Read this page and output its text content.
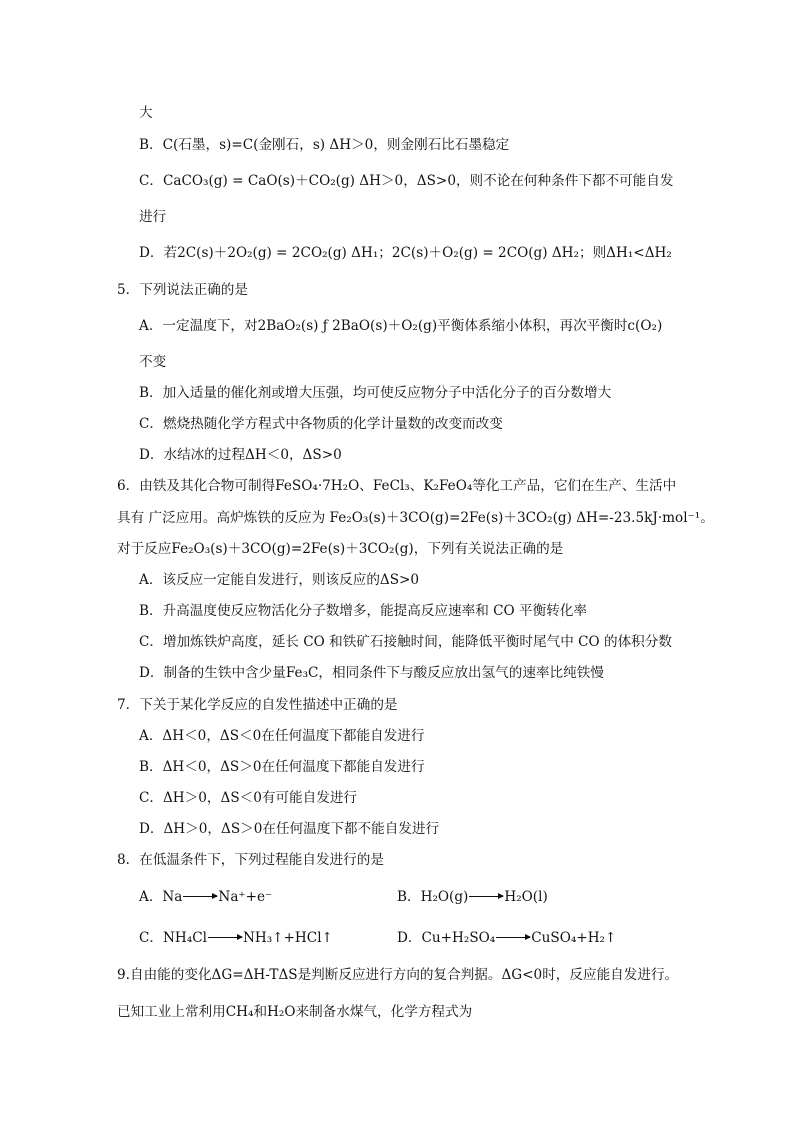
大
B．C(石墨，s)=C(金刚石，s) ΔH＞0，则金刚石比石墨稳定
C．CaCO₃(g) = CaO(s)＋CO₂(g) ΔH＞0，ΔS>0，则不论在何种条件下都不可能自发
进行
D．若2C(s)＋2O₂(g) = 2CO₂(g) ΔH₁；2C(s)＋O₂(g) = 2CO(g) ΔH₂；则ΔH₁<ΔH₂
5．下列说法正确的是
A．一定温度下，对2BaO₂(s) ƒ 2BaO(s)＋O₂(g)平衡体系缩小体积，再次平衡时c(O₂)
不变
B．加入适量的催化剂或增大压强，均可使反应物分子中活化分子的百分数增大
C．燃烧热随化学方程式中各物质的化学计量数的改变而改变
D．水结冰的过程ΔH＜0，ΔS>0
6．由铁及其化合物可制得FeSO₄·7H₂O、FeCl₃、K₂FeO₄等化工产品，它们在生产、生活中
具有 广泛应用。高炉炼铁的反应为 Fe₂O₃(s)＋3CO(g)=2Fe(s)＋3CO₂(g) ΔH=-23.5kJ·mol⁻¹。
对于反应Fe₂O₃(s)＋3CO(g)=2Fe(s)＋3CO₂(g)，下列有关说法正确的是
A．该反应一定能自发进行，则该反应的ΔS>0
B．升高温度使反应物活化分子数增多，能提高反应速率和 CO 平衡转化率
C．增加炼铁炉高度，延长 CO 和铁矿石接触时间，能降低平衡时尾气中 CO 的体积分数
D．制备的生铁中含少量Fe₃C，相同条件下与酸反应放出氢气的速率比纯铁慢
7．下关于某化学反应的自发性描述中正确的是
A．ΔH＜0，ΔS＜0在任何温度下都能自发进行
B．ΔH＜0，ΔS＞0在任何温度下都能自发进行
C．ΔH＞0，ΔS＜0有可能自发进行
D．ΔH＞0，ΔS＞0在任何温度下都不能自发进行
8．在低温条件下，下列过程能自发进行的是
A．Na	Na⁺+e⁻	B．H₂O(g)	H₂O(l)
C．NH₄Cl	NH₃↑+HCl↑	D．Cu+H₂SO₄	CuSO₄+H₂↑
9.自由能的变化ΔG=ΔH-TΔS是判断反应进行方向的复合判据。ΔG<0时，反应能自发进行。
已知工业上常利用CH₄和H₂O来制备水煤气，化学方程式为
